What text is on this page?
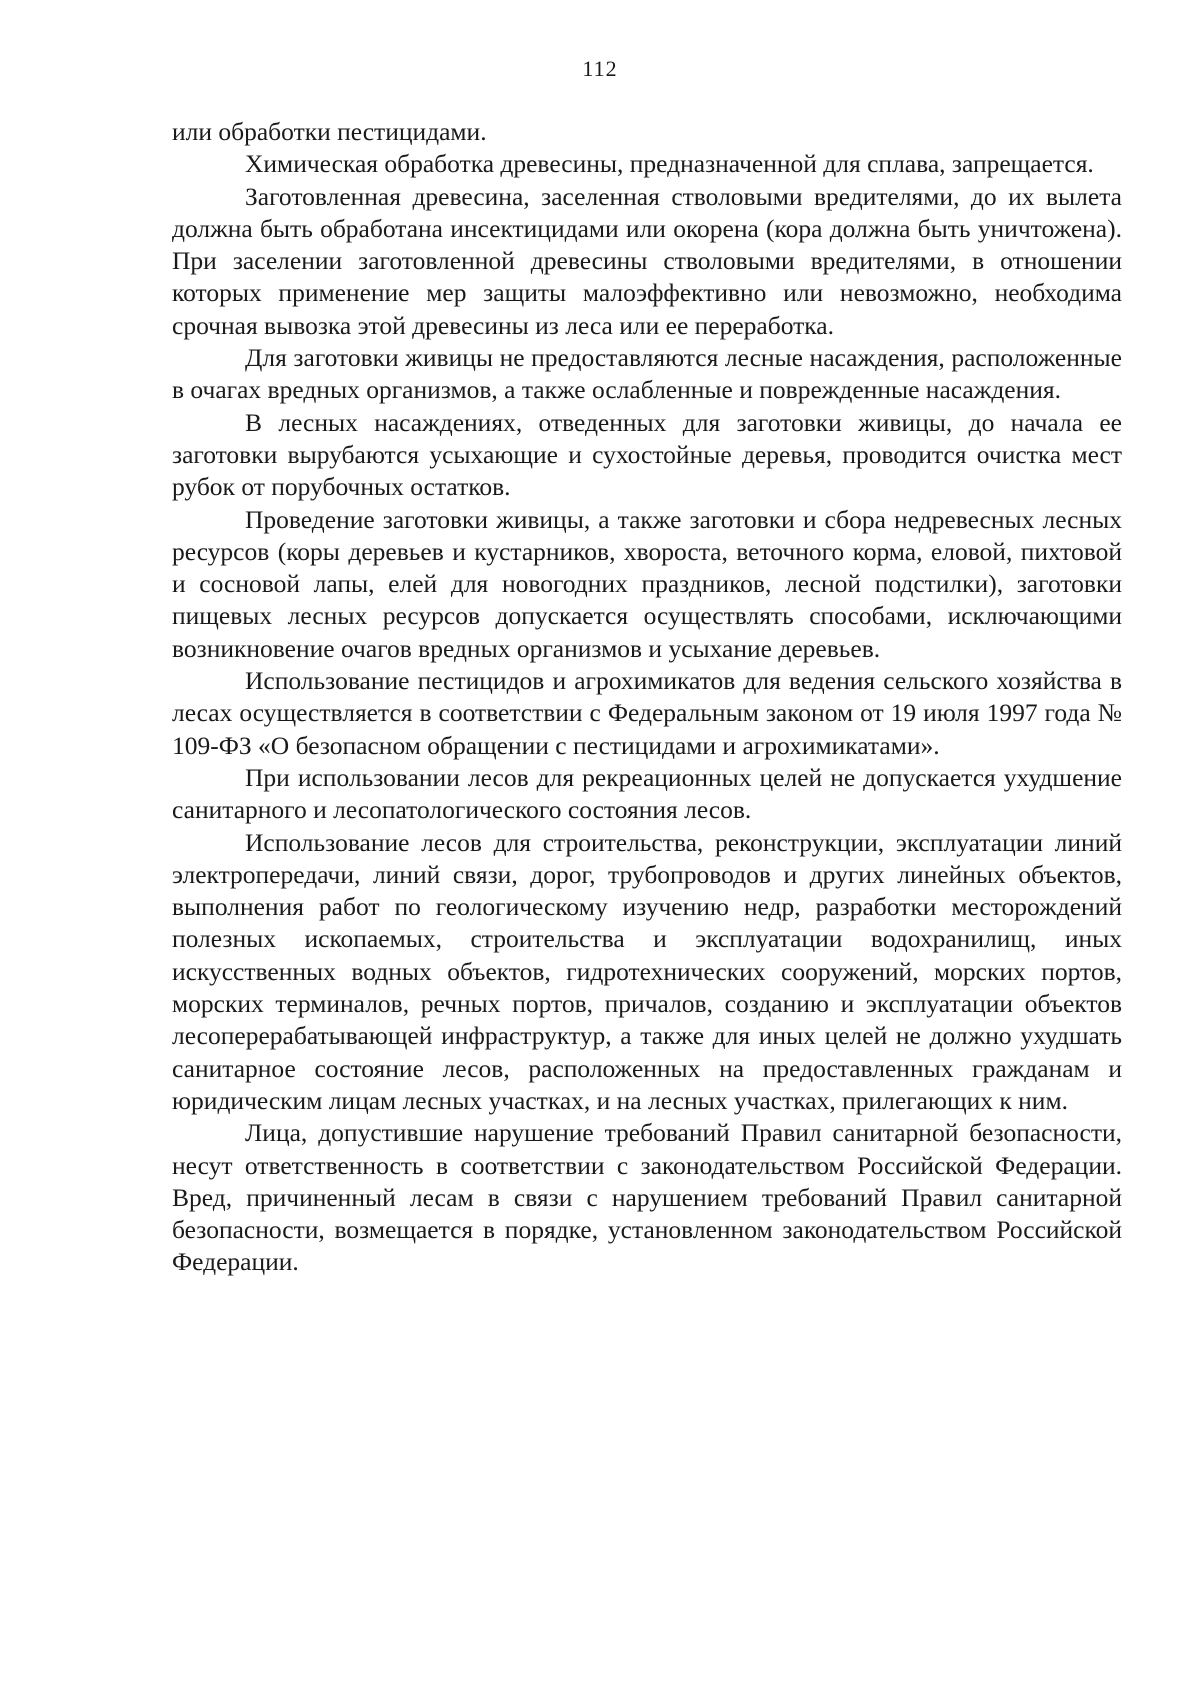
112

или обработки пестицидами.

Химическая обработка древесины, предназначенной для сплава, запрещается.

Заготовленная древесина, заселенная стволовыми вредителями, до их вылета должна быть обработана инсектицидами или окорена (кора должна быть уничтожена). При заселении заготовленной древесины стволовыми вредителями, в отношении которых применение мер защиты малоэффективно или невозможно, необходима срочная вывозка этой древесины из леса или ее переработка.

Для заготовки живицы не предоставляются лесные насаждения, расположенные в очагах вредных организмов, а также ослабленные и поврежденные насаждения.

В лесных насаждениях, отведенных для заготовки живицы, до начала ее заготовки вырубаются усыхающие и сухостойные деревья, проводится очистка мест рубок от порубочных остатков.

Проведение заготовки живицы, а также заготовки и сбора недревесных лесных ресурсов (коры деревьев и кустарников, хвороста, веточного корма, еловой, пихтовой и сосновой лапы, елей для новогодних праздников, лесной подстилки), заготовки пищевых лесных ресурсов допускается осуществлять способами, исключающими возникновение очагов вредных организмов и усыхание деревьев.

Использование пестицидов и агрохимикатов для ведения сельского хозяйства в лесах осуществляется в соответствии с Федеральным законом от 19 июля 1997 года № 109-ФЗ «О безопасном обращении с пестицидами и агрохимикатами».

При использовании лесов для рекреационных целей не допускается ухудшение санитарного и лесопатологического состояния лесов.

Использование лесов для строительства, реконструкции, эксплуатации линий электропередачи, линий связи, дорог, трубопроводов и других линейных объектов, выполнения работ по геологическому изучению недр, разработки месторождений полезных ископаемых, строительства и эксплуатации водохранилищ, иных искусственных водных объектов, гидротехнических сооружений, морских портов, морских терминалов, речных портов, причалов, созданию и эксплуатации объектов лесоперерабатывающей инфраструктур, а также для иных целей не должно ухудшать санитарное состояние лесов, расположенных на предоставленных гражданам и юридическим лицам лесных участках, и на лесных участках, прилегающих к ним.

Лица, допустившие нарушение требований Правил санитарной безопасности, несут ответственность в соответствии с законодательством Российской Федерации. Вред, причиненный лесам в связи с нарушением требований Правил санитарной безопасности, возмещается в порядке, установленном законодательством Российской Федерации.
